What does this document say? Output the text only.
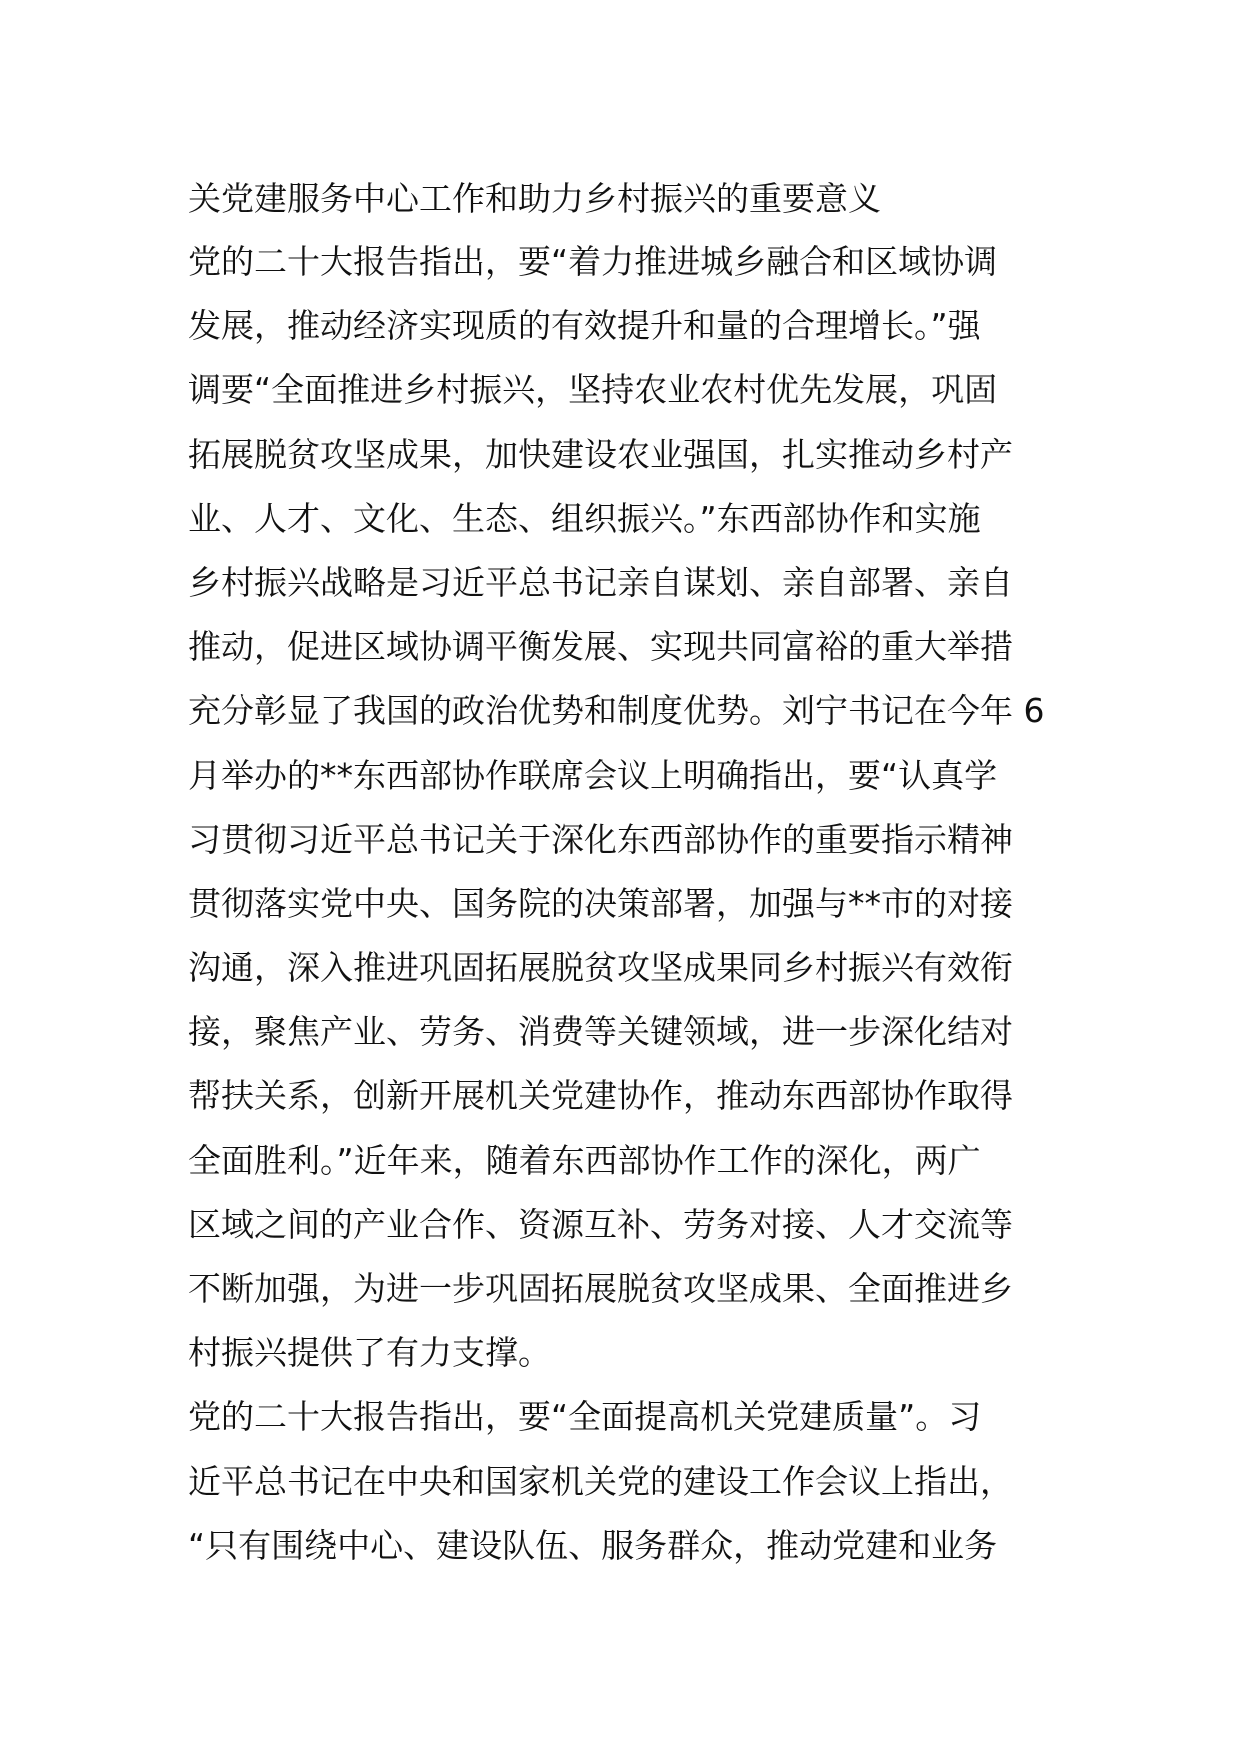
关党建服务中心工作和助力乡村振兴的重要意义
党的二十大报告指出，要“着力推进城乡融合和区域协调
发展，推动经济实现质的有效提升和量的合理增长。”强
调要“全面推进乡村振兴，坚持农业农村优先发展，巩固
拓展脱贫攻坚成果，加快建设农业强国，扎实推动乡村产
业、人才、文化、生态、组织振兴。”东西部协作和实施
乡村振兴战略是习近平总书记亲自谋划、亲自部署、亲自
推动，促进区域协调平衡发展、实现共同富裕的重大举措
充分彰显了我国的政治优势和制度优势。刘宁书记在今年 6
月举办的**东西部协作联席会议上明确指出，要“认真学
习贯彻习近平总书记关于深化东西部协作的重要指示精神
贯彻落实党中央、国务院的决策部署，加强与**市的对接
沟通，深入推进巩固拓展脱贫攻坚成果同乡村振兴有效衔
接，聚焦产业、劳务、消费等关键领域，进一步深化结对
帮扶关系，创新开展机关党建协作，推动东西部协作取得
全面胜利。”近年来，随着东西部协作工作的深化，两广
区域之间的产业合作、资源互补、劳务对接、人才交流等
不断加强，为进一步巩固拓展脱贫攻坚成果、全面推进乡
村振兴提供了有力支撑。
党的二十大报告指出，要“全面提高机关党建质量”。习
近平总书记在中央和国家机关党的建设工作会议上指出，
“只有围绕中心、建设队伍、服务群众，推动党建和业务
